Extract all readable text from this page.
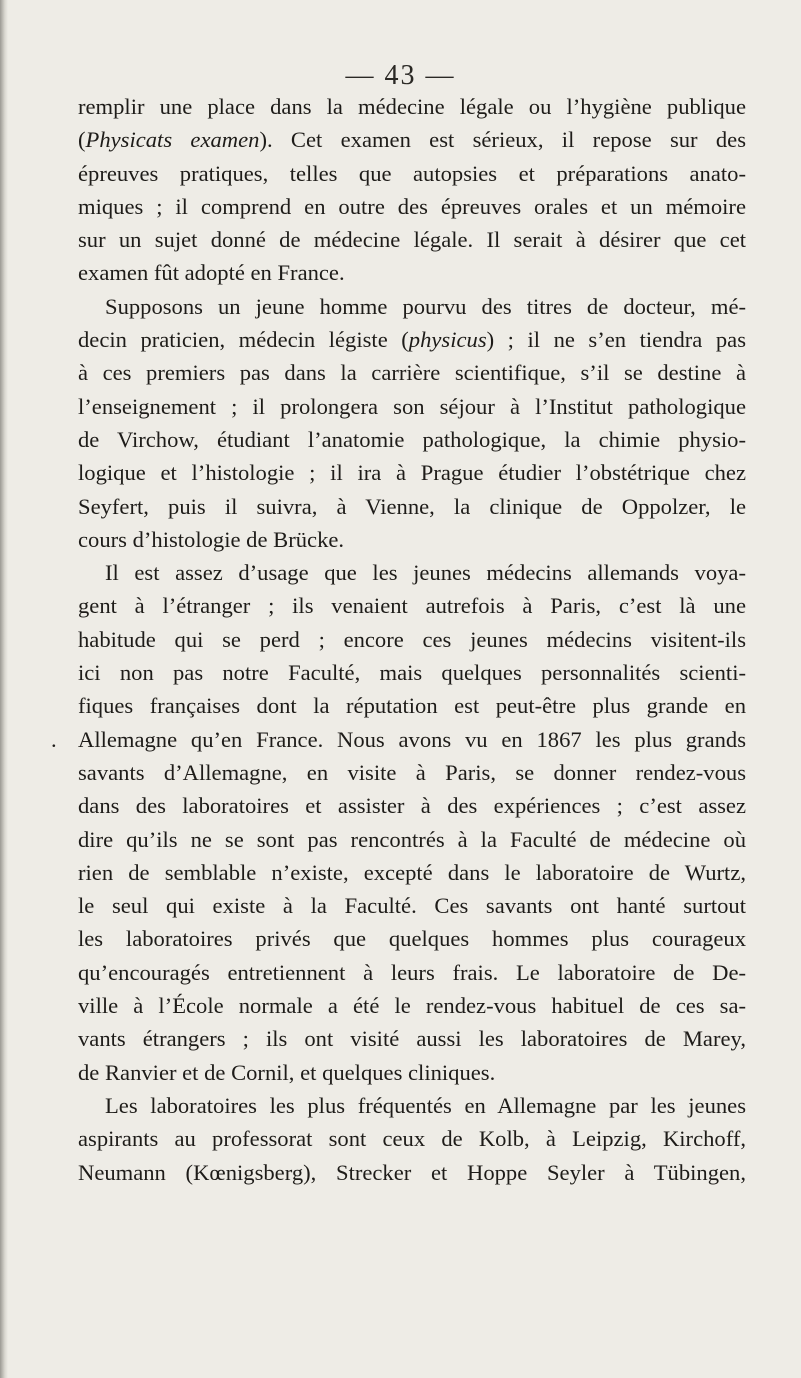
— 43 —
remplir une place dans la médecine légale ou l’hygiène publique
(Physicats examen). Cet examen est sérieux, il repose sur des
épreuves pratiques, telles que autopsies et préparations anato-
miques ; il comprend en outre des épreuves orales et un mémoire
sur un sujet donné de médecine légale. Il serait à désirer que cet
examen fût adopté en France.
Supposons un jeune homme pourvu des titres de docteur, mé-
decin praticien, médecin légiste (physicus) ; il ne s’en tiendra pas
à ces premiers pas dans la carrière scientifique, s’il se destine à
l’enseignement ; il prolongera son séjour à l’Institut pathologique
de Virchow, étudiant l’anatomie pathologique, la chimie physio-
logique et l’histologie ; il ira à Prague étudier l’obstétrique chez
Seyfert, puis il suivra, à Vienne, la clinique de Oppolzer, le
cours d’histologie de Brücke.
Il est assez d’usage que les jeunes médecins allemands voya-
gent à l’étranger ; ils venaient autrefois à Paris, c’est là une
habitude qui se perd ; encore ces jeunes médecins visitent-ils
ici non pas notre Faculté, mais quelques personnalités scienti-
fiques françaises dont la réputation est peut-être plus grande en
. Allemagne qu’en France. Nous avons vu en 1867 les plus grands
savants d’Allemagne, en visite à Paris, se donner rendez-vous
dans des laboratoires et assister à des expériences ; c’est assez
dire qu’ils ne se sont pas rencontrés à la Faculté de médecine où
rien de semblable n’existe, excepté dans le laboratoire de Wurtz,
le seul qui existe à la Faculté. Ces savants ont hanté surtout
les laboratoires privés que quelques hommes plus courageux
qu’encouragés entretiennent à leurs frais. Le laboratoire de De-
ville à l’École normale a été le rendez-vous habituel de ces sa-
vants étrangers ; ils ont visité aussi les laboratoires de Marey,
de Ranvier et de Cornil, et quelques cliniques.
Les laboratoires les plus fréquentés en Allemagne par les jeunes
aspirants au professorat sont ceux de Kolb, à Leipzig, Kirchoff,
Neumann (Kœnigsberg), Strecker et Hoppe Seyler à Tübingen,
